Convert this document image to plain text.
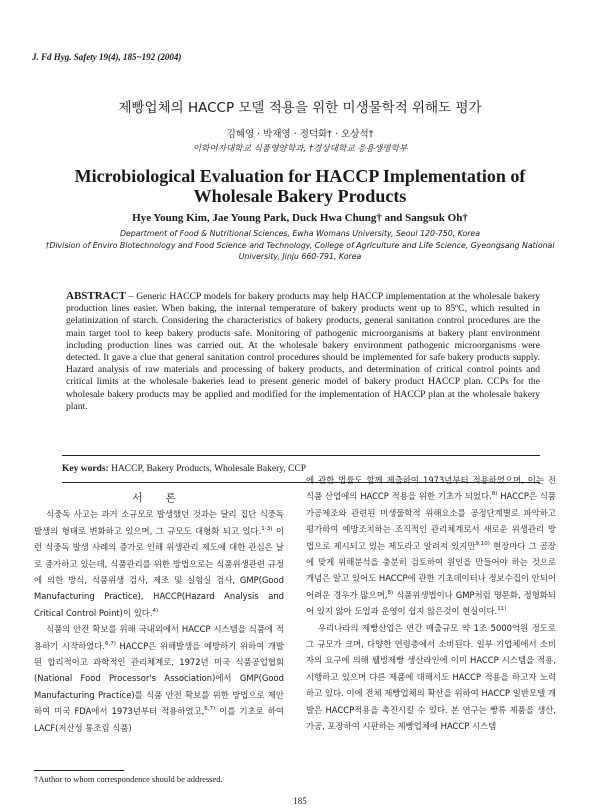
J. Fd Hyg. Safety 19(4), 185~192 (2004)
제빵업체의 HACCP 모델 적용을 위한 미생물학적 위해도 평가
김혜영 · 박재영 · 정덕화† · 오상석†
이화여자대학교 식품영양학과, †경상대학교 응용생명학부
Microbiological Evaluation for HACCP Implementation of Wholesale Bakery Products
Hye Young Kim, Jae Young Park, Duck Hwa Chung† and Sangsuk Oh†
Department of Food & Nutritional Sciences, Ewha Womans University, Seoul 120-750, Korea
†Division of Enviro Biotechnology and Food Science and Technology, College of Agriculture and Life Science, Gyeongsang National University, Jinju 660-791, Korea
ABSTRACT – Generic HACCP models for bakery products may help HACCP implementation at the wholesale bakery production lines easier. When baking, the internal temperature of bakery products went up to 85ºC, which resulted in gelatinization of starch. Considering the characteristics of bakery products, general sanitation control procedures are the main target tool to keep bakery products safe. Monitoring of pathogenic microorganisms at bakery plant environment including production lines was carried out. At the wholesale bakery environment pathogenic microorganisms were detected. It gave a clue that general sanitation control procedures should be implemented for safe bakery products supply. Hazard analysis of raw materials and processing of bakery products, and determination of critical control points and critical limits at the wholesale bakeries lead to present generic model of bakery product HACCP plan. CCPs for the wholesale bakery products may be applied and modified for the implementation of HACCP plan at the wholesale bakery plant.
Key words: HACCP, Bakery Products, Wholesale Bakery, CCP

서 론

식중독 사고는 과거 소규모로 발생했던 것과는 달리 집단 식중독 발생의 형태로 변화하고 있으며, 그 규모도 대형화 되고 있다.$^{1-3)}$ 이런 식중독 발생 사례의 증가로 인해 위생관리 제도에 대한 관심은 날로 증가하고 있는데, 식품관리를 위한 방법으로는 식품위생관련 규정에 의한 방식, 식품위생 검사, 제조 및 실험실 검사, GMP(Good Manufacturing Practice), HACCP(Hazard Analysis and Critical Control Point)이 있다.$^{4)}$

식품의 안전 확보를 위해 국내외에서 HACCP 시스템을 식품에 적용하기 시작하였다.$^{6,7)}$ HACCP은 위해발생을 예방하기 위하여 개발된 합리적이고 과학적인 관리체계로, 1972년 미국 식품공업협회(National Food Processor's Association)에서 GMP(Good Manufacturing Practice)를 식품 안전 확보를 위한 방법으로 제안하여 미국 FDA에서 1973년부터 적용하였고,$^{6,7)}$ 이를 기초로 하여 LACF(저산성 통조림 식품)

에 관한 법률도 함께 제출하여 1973년부터 적용하였으며, 이는 전 식품 산업에의 HACCP 적용을 위한 기초가 되었다.$^{8)}$ HACCP은 식품가공제조와 관련된 미생물학적 위해요소를 공정단계별로 파악하고 평가하여 예방조치하는 조직적인 관리체계로서 새로운 위생관리 방법으로 제시되고 있는 제도라고 알려져 있지만$^{9,10)}$ 현장마다 그 공장에 맞게 위해분석을 충분히 검토하여 원인을 만들어야 하는 것으로 개념은 알고 있어도 HACCP에 관한 기초데이터나 정보수집이 안되어 어려운 경우가 많으며,$^{8)}$ 식품위생법이나 GMP처럼 명문화, 정형화되어 있지 않아 도입과 운영이 쉽지 않은것이 현실이다.$^{11)}$

우리나라의 제빵산업은 연간 매출규모 약 1조 5000억원 정도로 그 규모가 크며, 다양한 연령층에서 소비된다. 일부 기업체에서 소비자의 요구에 의해 웰빙제빵 생산라인에 이미 HACCP 시스템을 적용, 시행하고 있으며 다른 제품에 대해서도 HACCP 적용을 하고자 노력하고 있다. 이에 전체 제빵업체의 확산을 위하여 HACCP 일반모델 개발은 HACCP적용을 촉진시킬 수 있다. 본 연구는 빵류 제품을 생산, 가공, 포장하여 시판하는 제빵업체에 HACCP 시스템

†Author to whom correspondence should be addressed.
185
